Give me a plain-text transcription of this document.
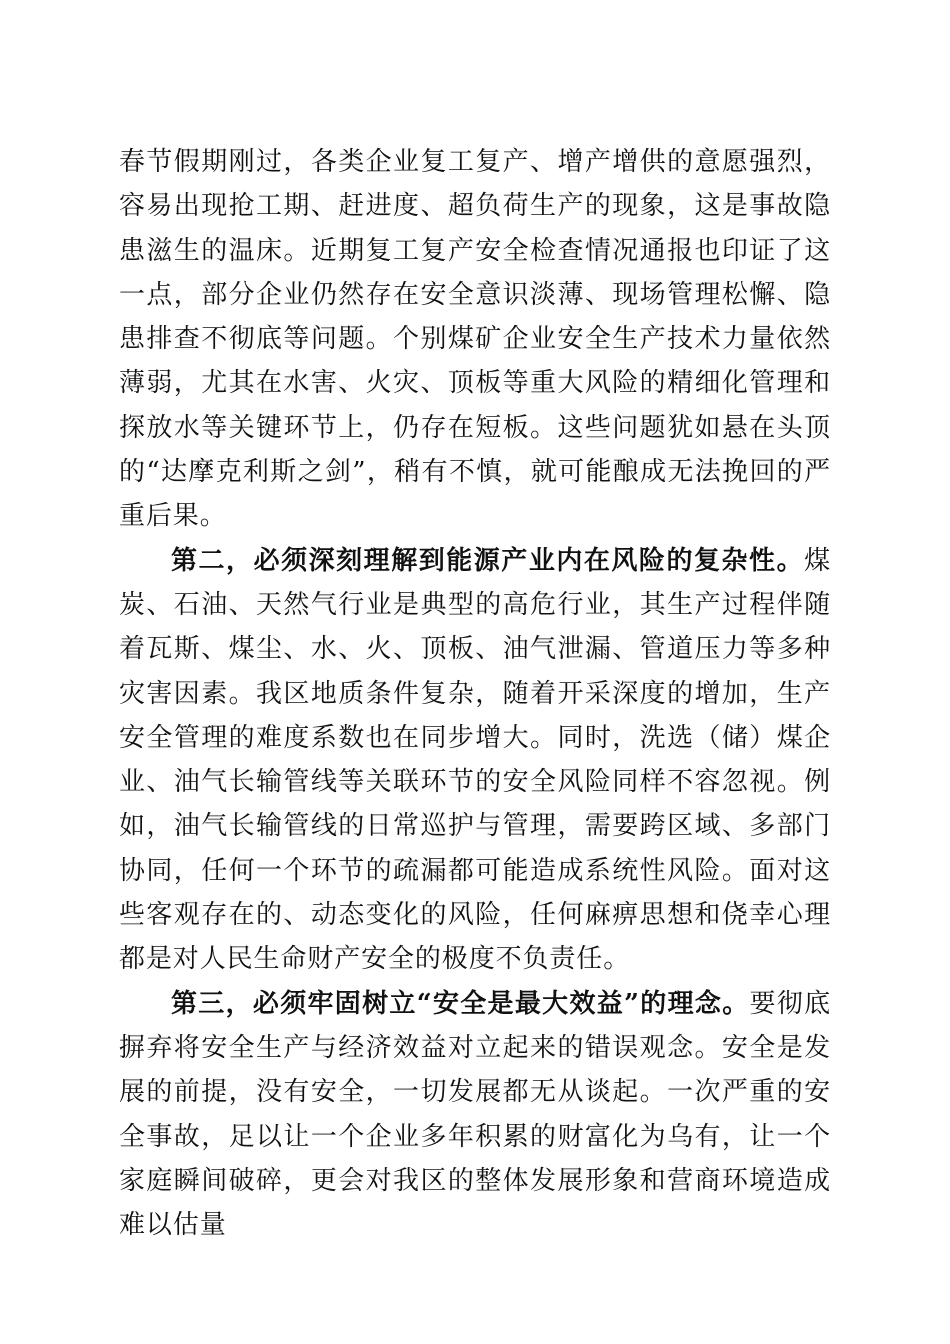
春节假期刚过，各类企业复工复产、增产增供的意愿强烈，容易出现抢工期、赶进度、超负荷生产的现象，这是事故隐患滋生的温床。近期复工复产安全检查情况通报也印证了这一点，部分企业仍然存在安全意识淡薄、现场管理松懈、隐患排查不彻底等问题。个别煤矿企业安全生产技术力量依然薄弱，尤其在水害、火灾、顶板等重大风险的精细化管理和探放水等关键环节上，仍存在短板。这些问题犹如悬在头顶的“达摩克利斯之剑”，稍有不慎，就可能酿成无法挽回的严重后果。

第二，必须深刻理解到能源产业内在风险的复杂性。煤炭、石油、天然气行业是典型的高危行业，其生产过程伴随着瓦斯、煤尘、水、火、顶板、油气泄漏、管道压力等多种灾害因素。我区地质条件复杂，随着开采深度的增加，生产安全管理的难度系数也在同步增大。同时，洗选（储）煤企业、油气长输管线等关联环节的安全风险同样不容忽视。例如，油气长输管线的日常巡护与管理，需要跨区域、多部门协同，任何一个环节的疏漏都可能造成系统性风险。面对这些客观存在的、动态变化的风险，任何麻痹思想和侥幸心理都是对人民生命财产安全的极度不负责任。

第三，必须牢固树立“安全是最大效益”的理念。要彻底摒弃将安全生产与经济效益对立起来的错误观念。安全是发展的前提，没有安全，一切发展都无从谈起。一次严重的安全事故，足以让一个企业多年积累的财富化为乌有，让一个家庭瞬间破碎，更会对我区的整体发展形象和营商环境造成难以估量
